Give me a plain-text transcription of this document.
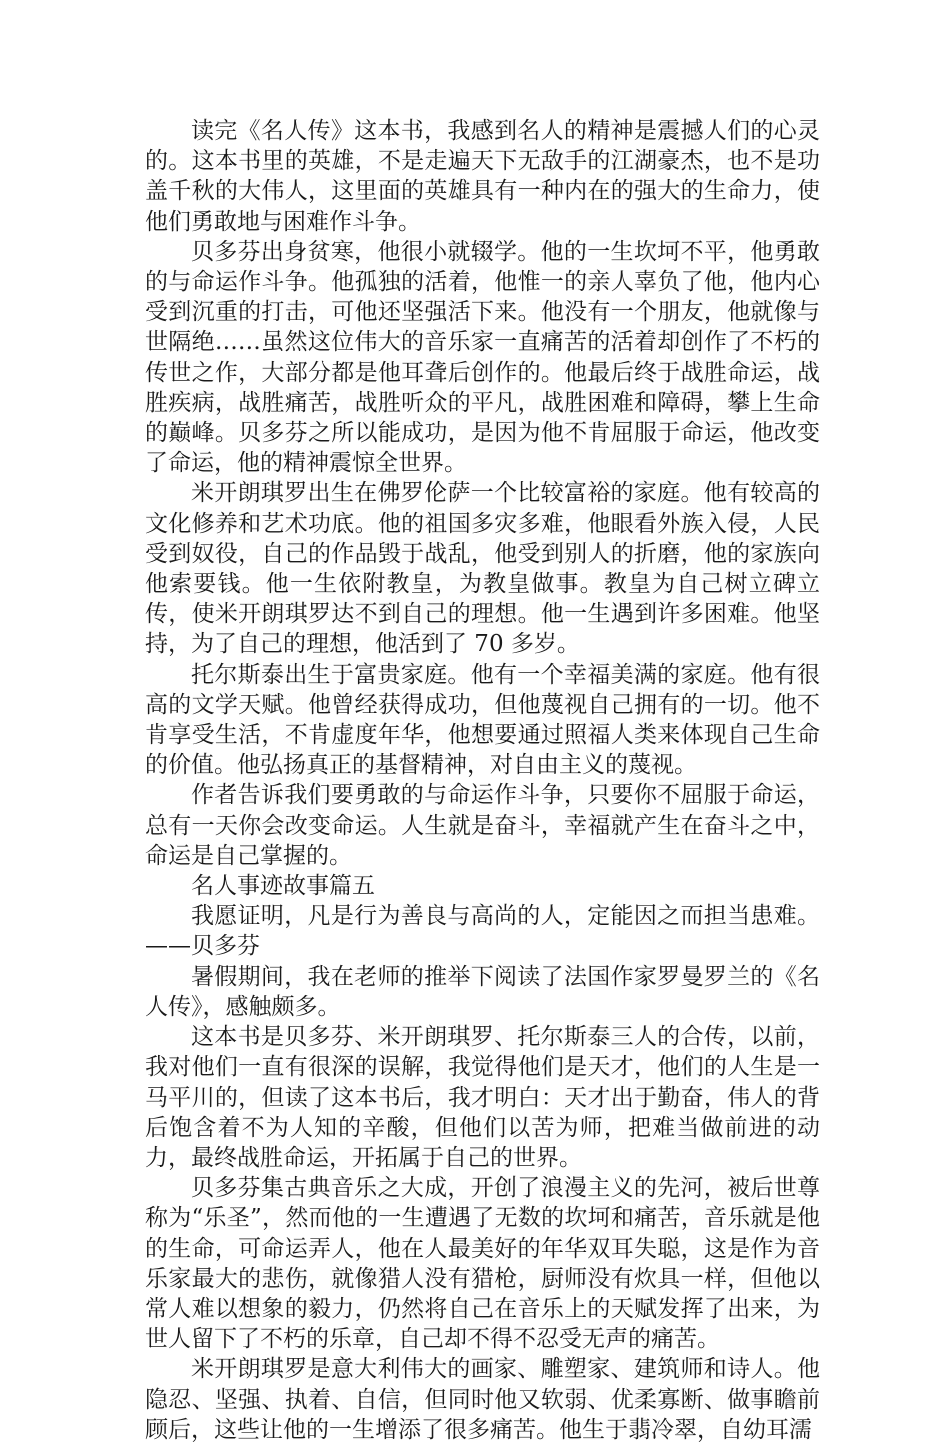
读完《名人传》这本书，我感到名人的精神是震撼人们的心灵的。这本书里的英雄，不是走遍天下无敌手的江湖豪杰，也不是功盖千秋的大伟人，这里面的英雄具有一种内在的强大的生命力，使他们勇敢地与困难作斗争。

贝多芬出身贫寒，他很小就辍学。他的一生坎坷不平，他勇敢的与命运作斗争。他孤独的活着，他惟一的亲人辜负了他，他内心受到沉重的打击，可他还坚强活下来。他没有一个朋友，他就像与世隔绝……虽然这位伟大的音乐家一直痛苦的活着却创作了不朽的传世之作，大部分都是他耳聋后创作的。他最后终于战胜命运，战胜疾病，战胜痛苦，战胜听众的平凡，战胜困难和障碍，攀上生命的巅峰。贝多芬之所以能成功，是因为他不肯屈服于命运，他改变了命运，他的精神震惊全世界。

米开朗琪罗出生在佛罗伦萨一个比较富裕的家庭。他有较高的文化修养和艺术功底。他的祖国多灾多难，他眼看外族入侵，人民受到奴役，自己的作品毁于战乱，他受到别人的折磨，他的家族向他索要钱。他一生依附教皇，为教皇做事。教皇为自己树立碑立传，使米开朗琪罗达不到自己的理想。他一生遇到许多困难。他坚持，为了自己的理想，他活到了 70 多岁。

托尔斯泰出生于富贵家庭。他有一个幸福美满的家庭。他有很高的文学天赋。他曾经获得成功，但他蔑视自己拥有的一切。他不肯享受生活，不肯虚度年华，他想要通过照福人类来体现自己生命的价值。他弘扬真正的基督精神，对自由主义的蔑视。

作者告诉我们要勇敢的与命运作斗争，只要你不屈服于命运，总有一天你会改变命运。人生就是奋斗，幸福就产生在奋斗之中，命运是自己掌握的。

名人事迹故事篇五

我愿证明，凡是行为善良与高尚的人，定能因之而担当患难。——贝多芬

暑假期间，我在老师的推举下阅读了法国作家罗曼罗兰的《名人传》，感触颇多。

这本书是贝多芬、米开朗琪罗、托尔斯泰三人的合传，以前，我对他们一直有很深的误解，我觉得他们是天才，他们的人生是一马平川的，但读了这本书后，我才明白：天才出于勤奋，伟人的背后饱含着不为人知的辛酸，但他们以苦为师，把难当做前进的动力，最终战胜命运，开拓属于自己的世界。

贝多芬集古典音乐之大成，开创了浪漫主义的先河，被后世尊称为“乐圣”，然而他的一生遭遇了无数的坎坷和痛苦，音乐就是他的生命，可命运弄人，他在人最美好的年华双耳失聪，这是作为音乐家最大的悲伤，就像猎人没有猎枪，厨师没有炊具一样，但他以常人难以想象的毅力，仍然将自己在音乐上的天赋发挥了出来，为世人留下了不朽的乐章，自己却不得不忍受无声的痛苦。

米开朗琪罗是意大利伟大的画家、雕塑家、建筑师和诗人。他隐忍、坚强、执着、自信，但同时他又软弱、优柔寡断、做事瞻前顾后，这些让他的一生增添了很多痛苦。他生于翡冷翠，自幼耳濡
